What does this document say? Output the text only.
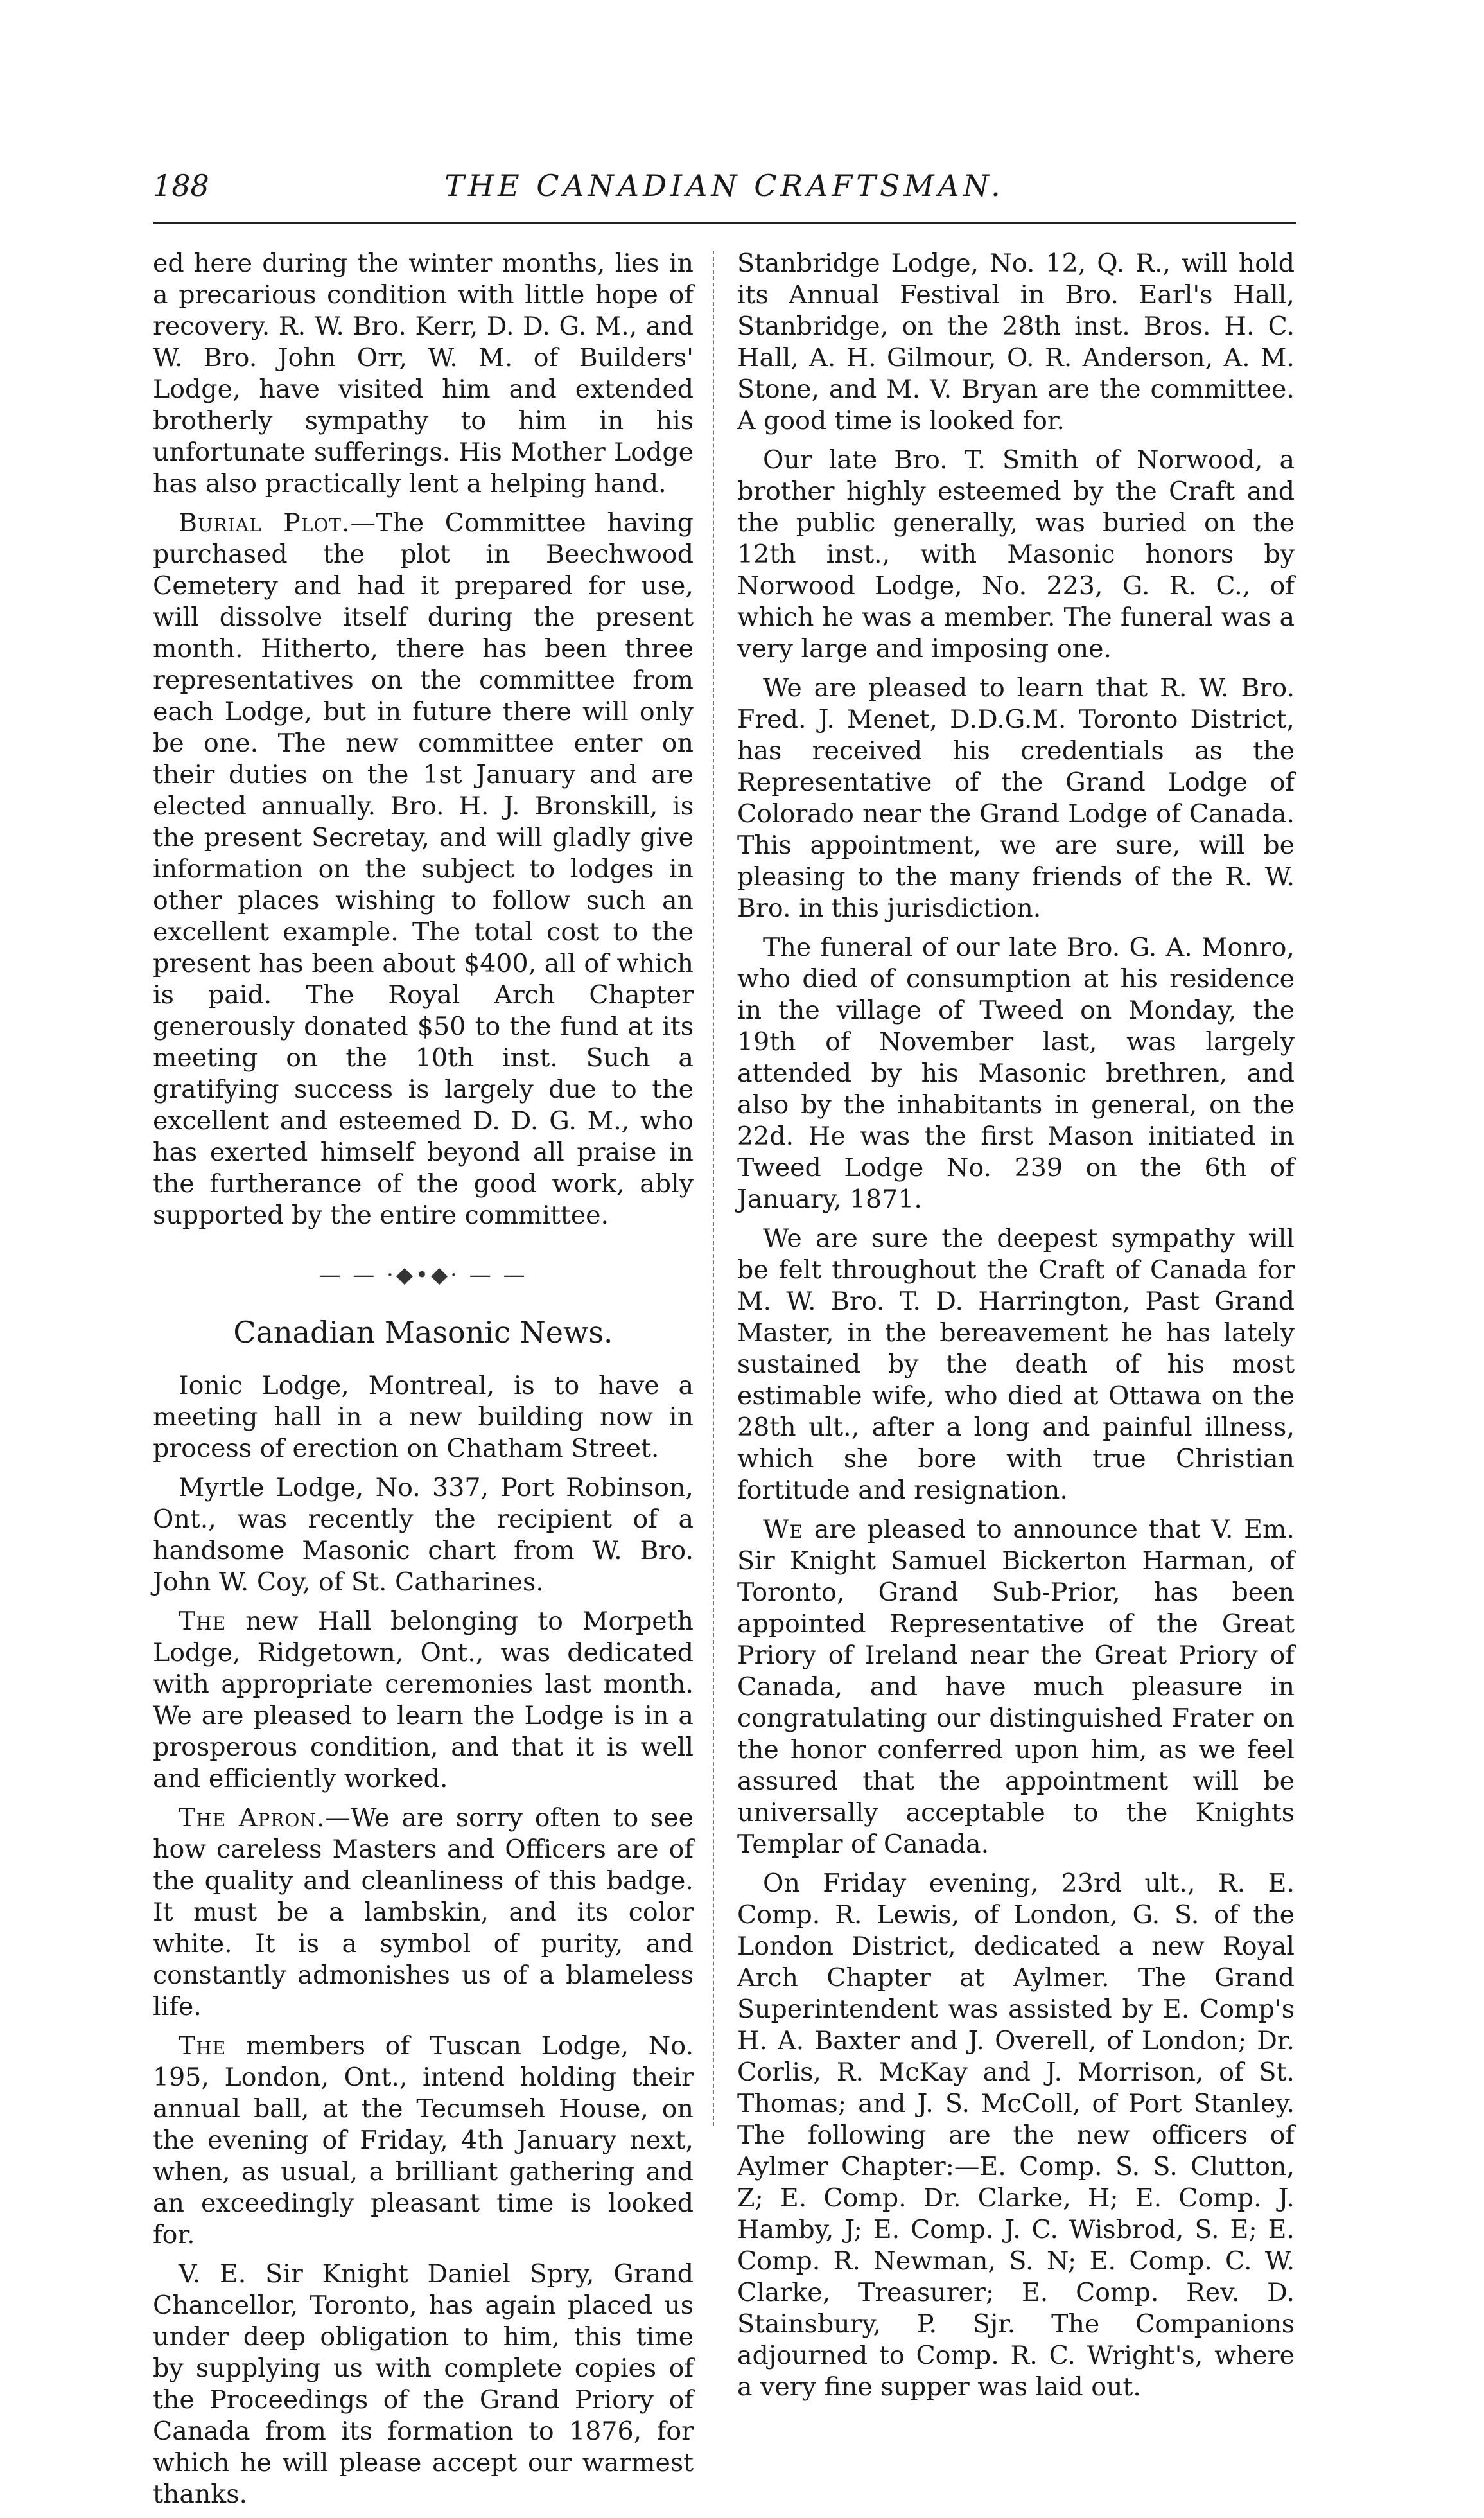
188	THE CANADIAN CRAFTSMAN.

ed here during the winter months, lies in a precarious condition with little hope of recovery. R. W. Bro. Kerr, D. D. G. M., and W. Bro. John Orr, W. M. of Builders' Lodge, have visited him and extended brotherly sympathy to him in his unfortunate sufferings. His Mother Lodge has also practically lent a helping hand.

Burial Plot.—The Committee having purchased the plot in Beechwood Cemetery and had it prepared for use, will dissolve itself during the present month. Hitherto, there has been three representatives on the committee from each Lodge, but in future there will only be one. The new committee enter on their duties on the 1st January and are elected annually. Bro. H. J. Bronskill, is the present Secretay, and will gladly give information on the subject to lodges in other places wishing to follow such an excellent example. The total cost to the present has been about $400, all of which is paid. The Royal Arch Chapter generously donated $50 to the fund at its meeting on the 10th inst. Such a gratifying success is largely due to the excellent and esteemed D. D. G. M., who has exerted himself beyond all praise in the furtherance of the good work, ably supported by the entire committee.

— — ·◆•◆· — —
Canadian Masonic News.

Ionic Lodge, Montreal, is to have a meeting hall in a new building now in process of erection on Chatham Street.

Myrtle Lodge, No. 337, Port Robinson, Ont., was recently the recipient of a handsome Masonic chart from W. Bro. John W. Coy, of St. Catharines.

The new Hall belonging to Morpeth Lodge, Ridgetown, Ont., was dedicated with appropriate ceremonies last month. We are pleased to learn the Lodge is in a prosperous condition, and that it is well and efficiently worked.

The Apron.—We are sorry often to see how careless Masters and Officers are of the quality and cleanliness of this badge. It must be a lambskin, and its color white. It is a symbol of purity, and constantly admonishes us of a blameless life.

The members of Tuscan Lodge, No. 195, London, Ont., intend holding their annual ball, at the Tecumseh House, on the evening of Friday, 4th January next, when, as usual, a brilliant gathering and an exceedingly pleasant time is looked for.

V. E. Sir Knight Daniel Spry, Grand Chancellor, Toronto, has again placed us under deep obligation to him, this time by supplying us with complete copies of the Proceedings of the Grand Priory of Canada from its formation to 1876, for which he will please accept our warmest thanks.

Stanbridge Lodge, No. 12, Q. R., will hold its Annual Festival in Bro. Earl's Hall, Stanbridge, on the 28th inst. Bros. H. C. Hall, A. H. Gilmour, O. R. Anderson, A. M. Stone, and M. V. Bryan are the committee. A good time is looked for.

Our late Bro. T. Smith of Norwood, a brother highly esteemed by the Craft and the public generally, was buried on the 12th inst., with Masonic honors by Norwood Lodge, No. 223, G. R. C., of which he was a member. The funeral was a very large and imposing one.

We are pleased to learn that R. W. Bro. Fred. J. Menet, D.D.G.M. Toronto District, has received his credentials as the Representative of the Grand Lodge of Colorado near the Grand Lodge of Canada. This appointment, we are sure, will be pleasing to the many friends of the R. W. Bro. in this jurisdiction.

The funeral of our late Bro. G. A. Monro, who died of consumption at his residence in the village of Tweed on Monday, the 19th of November last, was largely attended by his Masonic brethren, and also by the inhabitants in general, on the 22d. He was the first Mason initiated in Tweed Lodge No. 239 on the 6th of January, 1871.

We are sure the deepest sympathy will be felt throughout the Craft of Canada for M. W. Bro. T. D. Harrington, Past Grand Master, in the bereavement he has lately sustained by the death of his most estimable wife, who died at Ottawa on the 28th ult., after a long and painful illness, which she bore with true Christian fortitude and resignation.

We are pleased to announce that V. Em. Sir Knight Samuel Bickerton Harman, of Toronto, Grand Sub-Prior, has been appointed Representative of the Great Priory of Ireland near the Great Priory of Canada, and have much pleasure in congratulating our distinguished Frater on the honor conferred upon him, as we feel assured that the appointment will be universally acceptable to the Knights Templar of Canada.

On Friday evening, 23rd ult., R. E. Comp. R. Lewis, of London, G. S. of the London District, dedicated a new Royal Arch Chapter at Aylmer. The Grand Superintendent was assisted by E. Comp's H. A. Baxter and J. Overell, of London; Dr. Corlis, R. McKay and J. Morrison, of St. Thomas; and J. S. McColl, of Port Stanley. The following are the new officers of Aylmer Chapter:—E. Comp. S. S. Clutton, Z; E. Comp. Dr. Clarke, H; E. Comp. J. Hamby, J; E. Comp. J. C. Wisbrod, S. E; E. Comp. R. Newman, S. N; E. Comp. C. W. Clarke, Treasurer; E. Comp. Rev. D. Stainsbury, P. Sjr. The Companions adjourned to Comp. R. C. Wright's, where a very fine supper was laid out.
